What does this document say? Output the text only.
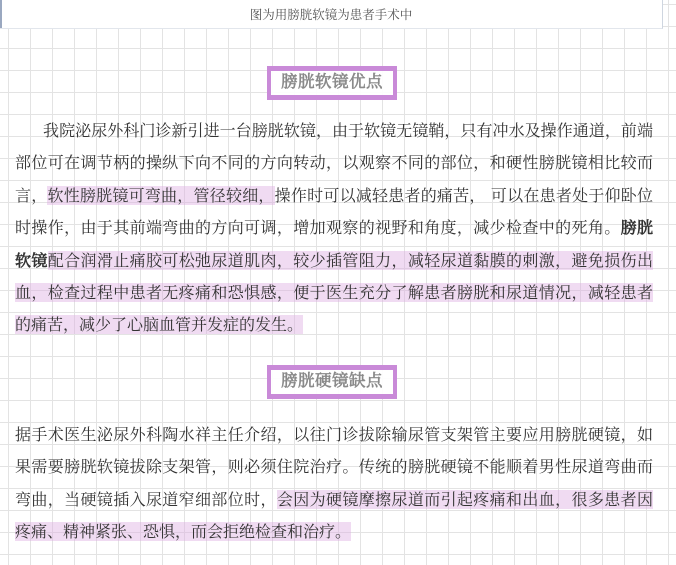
图为用膀胱软镜为患者手术中
膀胱软镜优点
我院泌尿外科门诊新引进一台膀胱软镜，由于软镜无镜鞘，只有冲水及操作通道，前端部位可在调节柄的操纵下向不同的方向转动，以观察不同的部位，和硬性膀胱镜相比较而言，软性膀胱镜可弯曲，管径较细，操作时可以减轻患者的痛苦， 可以在患者处于仰卧位时操作，由于其前端弯曲的方向可调，增加观察的视野和角度，减少检查中的死角。膀胱软镜配合润滑止痛胶可松弛尿道肌肉，较少插管阻力，减轻尿道黏膜的刺激，避免损伤出血，检查过程中患者无疼痛和恐惧感，便于医生充分了解患者膀胱和尿道情况，减轻患者的痛苦，减少了心脑血管并发症的发生。
膀胱硬镜缺点
据手术医生泌尿外科陶水祥主任介绍，以往门诊拔除输尿管支架管主要应用膀胱硬镜，如果需要膀胱软镜拔除支架管，则必须住院治疗。传统的膀胱硬镜不能顺着男性尿道弯曲而弯曲，当硬镜插入尿道窄细部位时，会因为硬镜摩擦尿道而引起疼痛和出血，很多患者因疼痛、精神紧张、恐惧，而会拒绝检查和治疗。
